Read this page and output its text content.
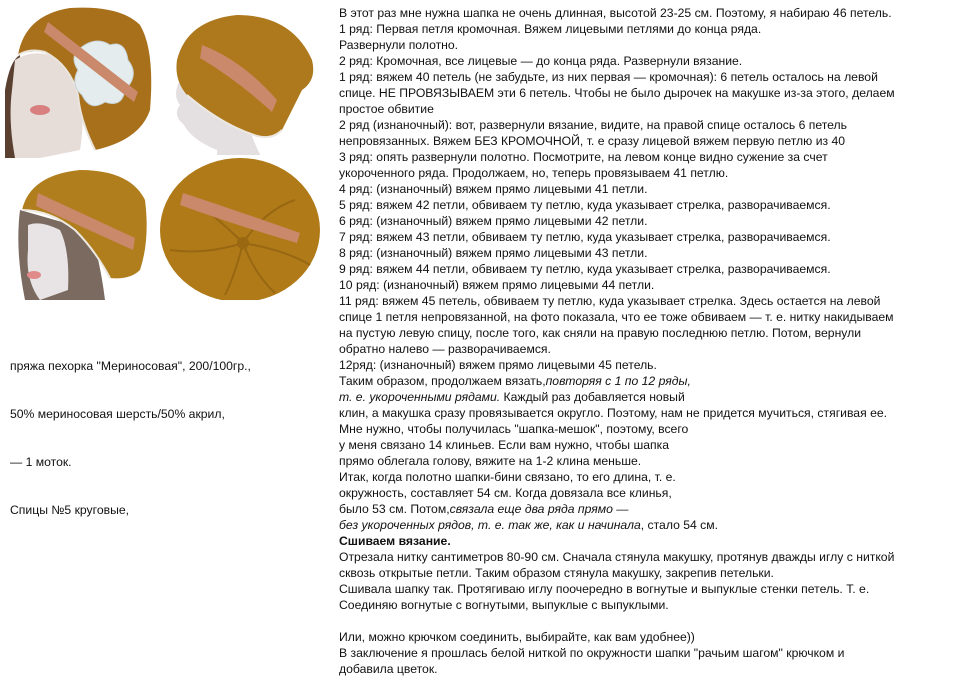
пряжа пехорка "Мериносовая", 200/100гр.,

50% мериносовая шерсть/50% акрил,

— 1 моток.

Спицы №5 круговые,

В этот раз мне нужна шапка не очень длинная, высотой 23-25 см. Поэтому, я набираю 46 петель.
1 ряд: Первая петля кромочная. Вяжем лицевыми петлями до конца ряда.
Развернули полотно.
2 ряд: Кромочная, все лицевые — до конца ряда. Развернули вязание.
1 ряд: вяжем 40 петель (не забудьте, из них первая — кромочная): 6 петель осталось на левой
спице. НЕ ПРОВЯЗЫВАЕМ эти 6 петель. Чтобы не было дырочек на макушке из-за этого, делаем
простое обвитие
2 ряд (изнаночный): вот, развернули вязание, видите, на правой спице осталось 6 петель
непровязанных. Вяжем БЕЗ КРОМОЧНОЙ, т. е сразу лицевой вяжем первую петлю из 40
3 ряд: опять развернули полотно. Посмотрите, на левом конце видно сужение за счет
укороченного ряда. Продолжаем, но, теперь провязываем 41 петлю.
4 ряд: (изнаночный) вяжем прямо лицевыми 41 петли.
5 ряд: вяжем 42 петли, обвиваем ту петлю, куда указывает стрелка, разворачиваемся.
6 ряд: (изнаночный) вяжем прямо лицевыми 42 петли.
7 ряд: вяжем 43 петли, обвиваем ту петлю, куда указывает стрелка, разворачиваемся.
8 ряд: (изнаночный) вяжем прямо лицевыми 43 петли.
9 ряд: вяжем 44 петли, обвиваем ту петлю, куда указывает стрелка, разворачиваемся.
10 ряд: (изнаночный) вяжем прямо лицевыми 44 петли.
11 ряд: вяжем 45 петель, обвиваем ту петлю, куда указывает стрелка. Здесь остается на левой
спице 1 петля непровязанной, на фото показала, что ее тоже обвиваем — т. е. нитку накидываем
на пустую левую спицу, после того, как сняли на правую последнюю петлю. Потом, вернули
обратно налево — разворачиваемся.
12ряд: (изнаночный) вяжем прямо лицевыми 45 петель.
Таким образом, продолжаем вязать,повторяя с 1 по 12 ряды,
т. е. укороченными рядами. Каждый раз добавляется новый
клин, а макушка сразу провязывается округло. Поэтому, нам не придется мучиться, стягивая ее.
Мне нужно, чтобы получилась "шапка-мешок", поэтому, всего
у меня связано 14 клиньев. Если вам нужно, чтобы шапка
прямо облегала голову, вяжите на 1-2 клина меньше.
Итак, когда полотно шапки-бини связано, то его длина, т. е.
окружность, составляет 54 см. Когда довязала все клинья,
было 53 см. Потом,связала еще два ряда прямо —
без укороченных рядов, т. е. так же, как и начинала, стало 54 см.
Сшиваем вязание.
Отрезала нитку сантиметров 80-90 см. Сначала стянула макушку, протянув дважды иглу с ниткой
сквозь открытые петли. Таким образом стянула макушку, закрепив петельки.
Сшивала шапку так. Протягиваю иглу поочередно в вогнутые и выпуклые стенки петель. Т. е.
Соединяю вогнутые с вогнутыми, выпуклые с выпуклыми.
Или, можно крючком соединить, выбирайте, как вам удобнее))
В заключение я прошлась белой ниткой по окружности шапки "рачьим шагом" крючком и
добавила цветок.
